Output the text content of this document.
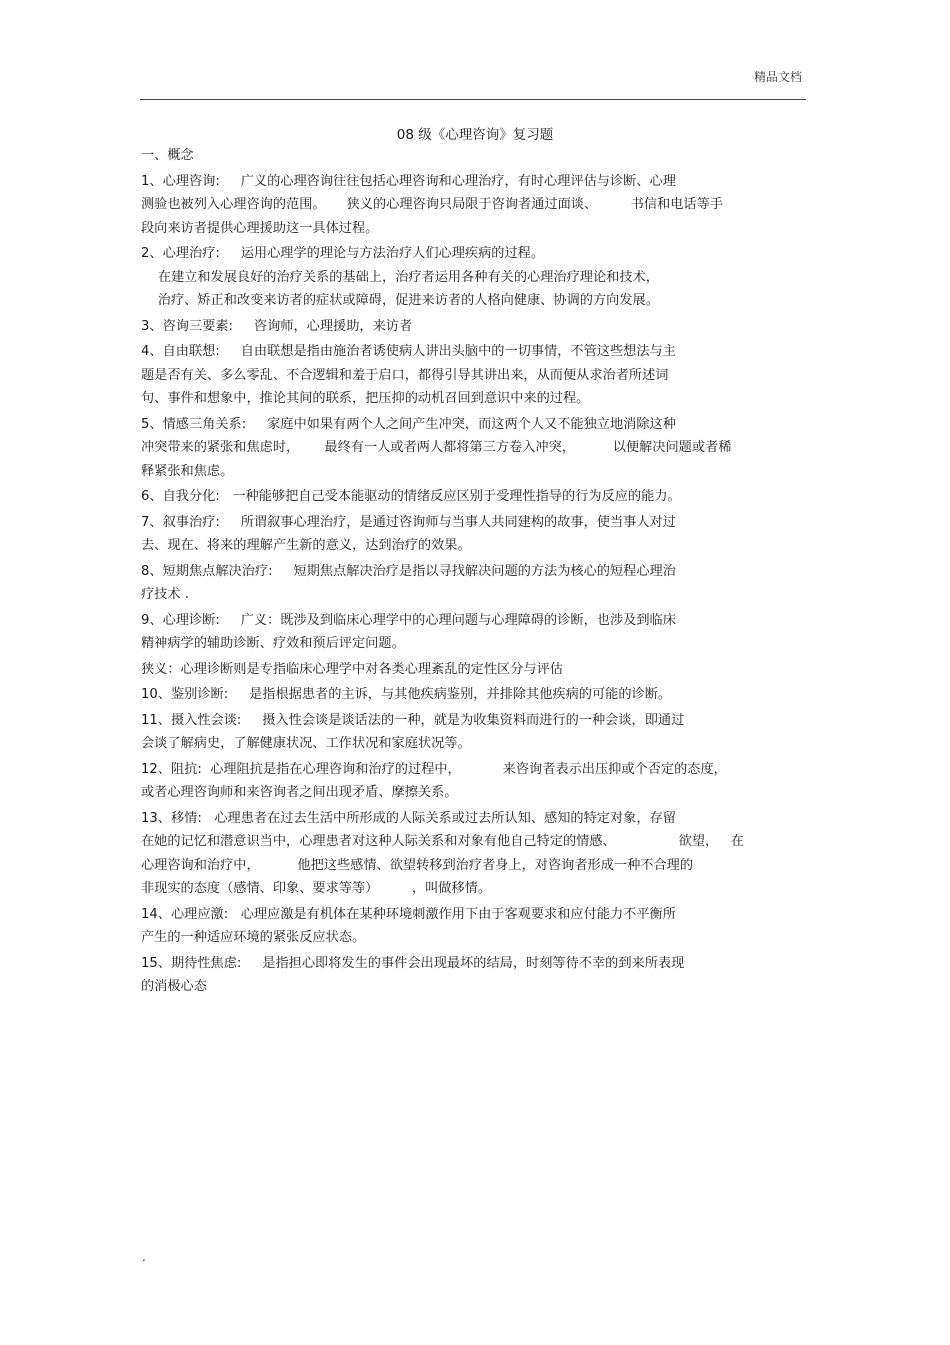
精品文档
08 级《心理咨询》复习题
一、概念
1、心理咨询:     广义的心理咨询往往包括心理咨询和心理治疗，有时心理评估与诊断、心理
测验也被列入心理咨询的范围。     狭义的心理咨询只局限于咨询者通过面谈、        书信和电话等手
段向来访者提供心理援助这一具体过程。
2、心理治疗:     运用心理学的理论与方法治疗人们心理疾病的过程。
在建立和发展良好的治疗关系的基础上，治疗者运用各种有关的心理治疗理论和技术，
治疗、矫正和改变来访者的症状或障碍，促进来访者的人格向健康、协调的方向发展。
3、咨询三要素:     咨询师，心理援助，来访者
4、自由联想:     自由联想是指由施治者诱使病人讲出头脑中的一切事情，不管这些想法与主
题是否有关、多么零乱、不合逻辑和羞于启口，都得引导其讲出来，从而便从求治者所述词
句、事件和想象中，推论其间的联系，把压抑的动机召回到意识中来的过程。
5、情感三角关系:     家庭中如果有两个人之间产生冲突，而这两个人又不能独立地消除这种
冲突带来的紧张和焦虑时，      最终有一人或者两人都将第三方卷入冲突，         以便解决问题或者稀
释紧张和焦虑。
6、自我分化:   一种能够把自己受本能驱动的情绪反应区别于受理性指导的行为反应的能力。
7、叙事治疗:     所谓叙事心理治疗，是通过咨询师与当事人共同建构的故事，使当事人对过
去、现在、将来的理解产生新的意义，达到治疗的效果。
8、短期焦点解决治疗:     短期焦点解决治疗是指以寻找解决问题的方法为核心的短程心理治
疗技术 .
9、心理诊断:     广义：既涉及到临床心理学中的心理问题与心理障碍的诊断，也涉及到临床
精神病学的辅助诊断、疗效和预后评定问题。
狭义：心理诊断则是专指临床心理学中对各类心理紊乱的定性区分与评估
10、鉴别诊断:     是指根据患者的主诉，与其他疾病鉴别，并排除其他疾病的可能的诊断。
11、摄入性会谈:     摄入性会谈是谈话法的一种，就是为收集资料而进行的一种会谈，即通过
会谈了解病史，了解健康状况、工作状况和家庭状况等。
12、阻抗:  心理阻抗是指在心理咨询和治疗的过程中，          来咨询者表示出压抑或个否定的态度，
或者心理咨询师和来咨询者之间出现矛盾、摩擦关系。
13、移情:   心理患者在过去生活中所形成的人际关系或过去所认知、感知的特定对象，存留
在她的记忆和潜意识当中，心理患者对这种人际关系和对象有他自己特定的情感、               欲望，   在
心理咨询和治疗中，         他把这些感情、欲望转移到治疗者身上，对咨询者形成一种不合理的
非现实的态度（感情、印象、要求等等）        ，叫做移情。
14、心理应激:   心理应激是有机体在某种环境刺激作用下由于客观要求和应付能力不平衡所
产生的一种适应环境的紧张反应状态。
15、期待性焦虑:     是指担心即将发生的事件会出现最坏的结局，时刻等待不幸的到来所表现
的消极心态
.
